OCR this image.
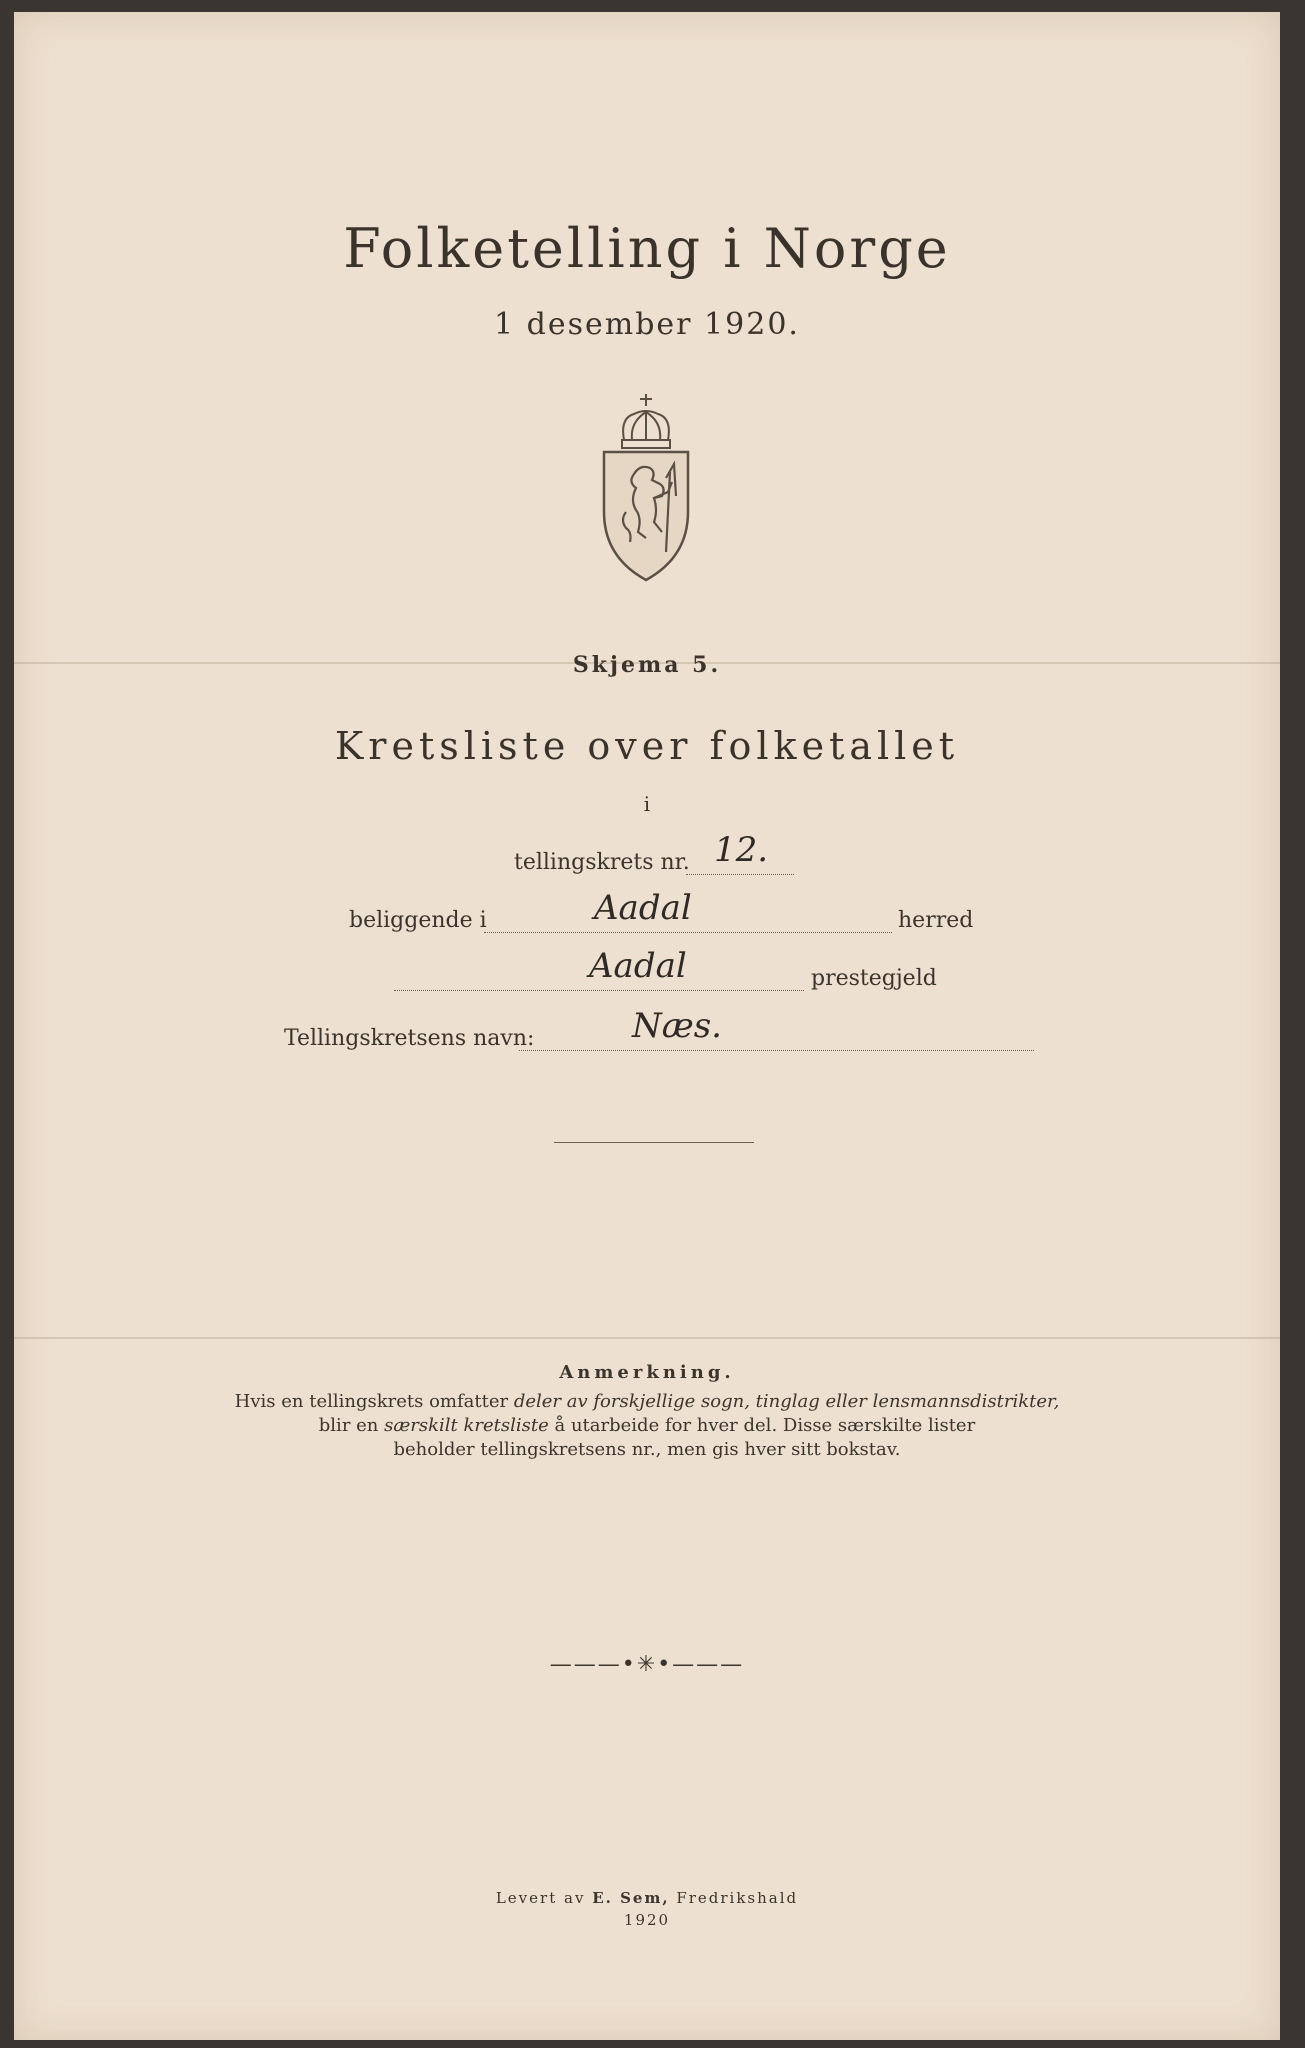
Folketelling i Norge
1 desember 1920.
Skjema 5.
Kretsliste over folketallet
i
tellingskrets nr. 12.
beliggende i	Aadal	herred
Aadal	prestegjeld
Tellingskretsens navn:	Næs.
Anmerkning.
Hvis en tellingskrets omfatter deler av forskjellige sogn, tinglag eller lensmannsdistrikter,
blir en særskilt kretsliste å utarbeide for hver del. Disse særskilte lister
beholder tellingskretsens nr., men gis hver sitt bokstav.
———•✳•———
Levert av E. Sem, Fredrikshald
1920
